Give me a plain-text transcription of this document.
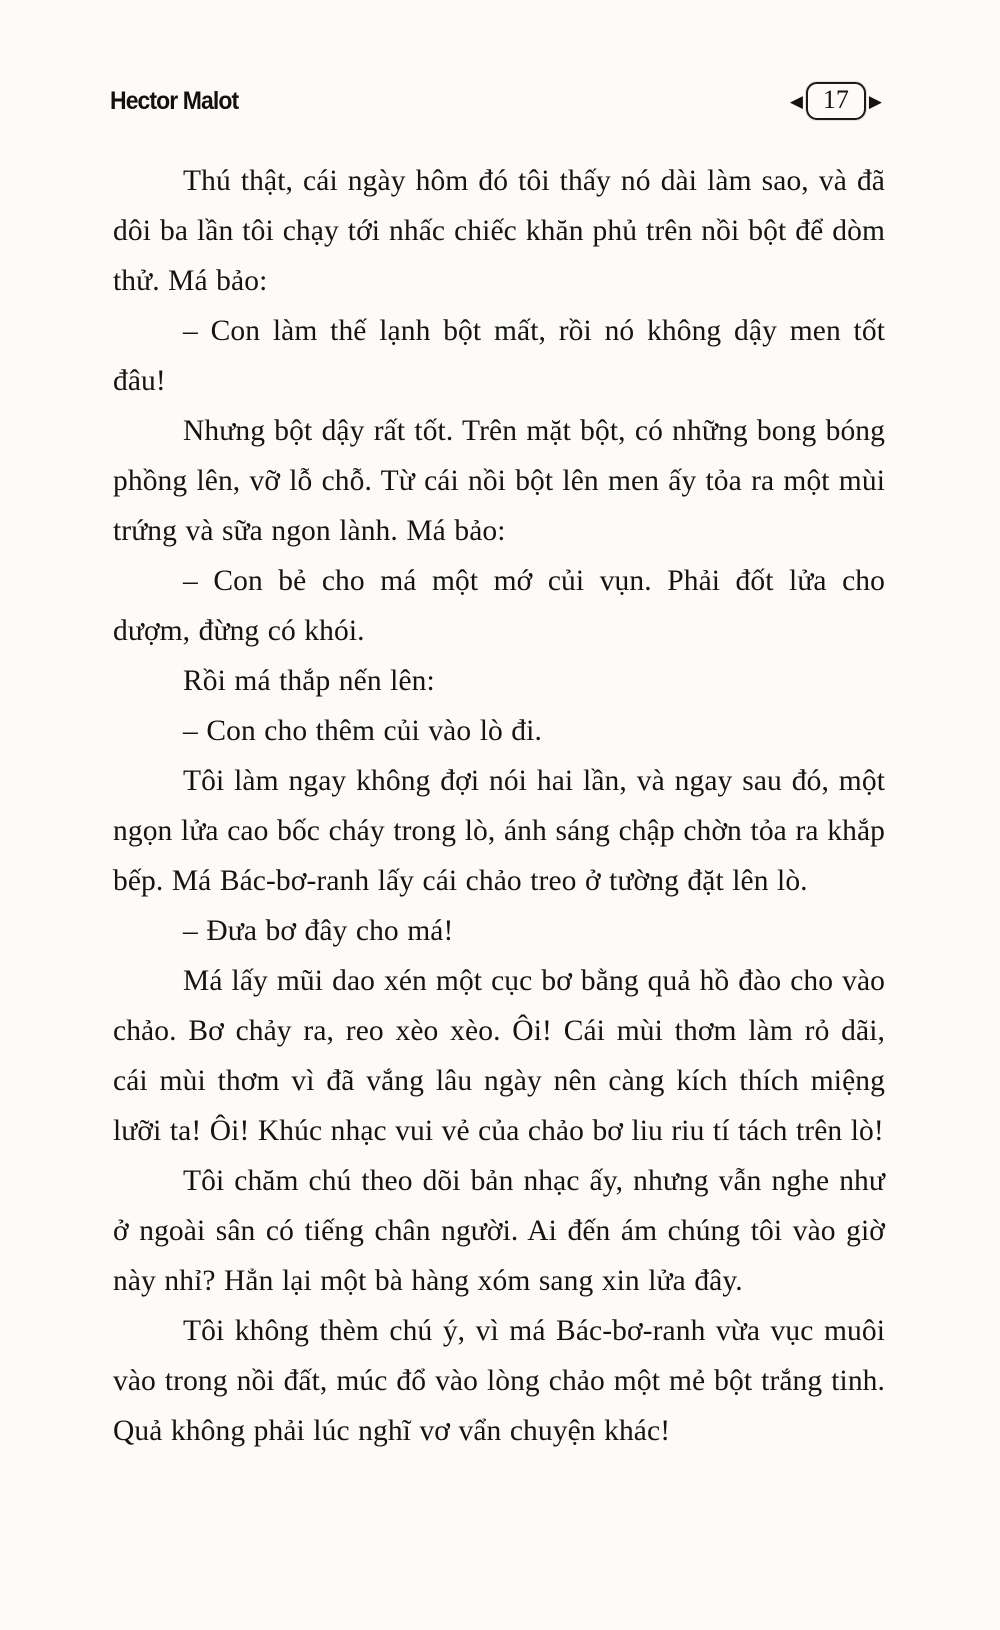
Hector Malot	◀ 17	▶

Thú thật, cái ngày hôm đó tôi thấy nó dài làm sao, và đã dôi ba lần tôi chạy tới nhấc chiếc khăn phủ trên nồi bột để dòm thử. Má bảo:

– Con làm thế lạnh bột mất, rồi nó không dậy men tốt đâu!

Nhưng bột dậy rất tốt. Trên mặt bột, có những bong bóng phồng lên, vỡ lỗ chỗ. Từ cái nồi bột lên men ấy tỏa ra một mùi trứng và sữa ngon lành. Má bảo:

– Con bẻ cho má một mớ củi vụn. Phải đốt lửa cho dượm, đừng có khói.

Rồi má thắp nến lên:

– Con cho thêm củi vào lò đi.

Tôi làm ngay không đợi nói hai lần, và ngay sau đó, một ngọn lửa cao bốc cháy trong lò, ánh sáng chập chờn tỏa ra khắp bếp. Má Bác-bơ-ranh lấy cái chảo treo ở tường đặt lên lò.

– Đưa bơ đây cho má!

Má lấy mũi dao xén một cục bơ bằng quả hồ đào cho vào chảo. Bơ chảy ra, reo xèo xèo. Ôi! Cái mùi thơm làm rỏ dãi, cái mùi thơm vì đã vắng lâu ngày nên càng kích thích miệng lưỡi ta! Ôi! Khúc nhạc vui vẻ của chảo bơ liu riu tí tách trên lò!

Tôi chăm chú theo dõi bản nhạc ấy, nhưng vẫn nghe như ở ngoài sân có tiếng chân người. Ai đến ám chúng tôi vào giờ này nhỉ? Hẳn lại một bà hàng xóm sang xin lửa đây.

Tôi không thèm chú ý, vì má Bác-bơ-ranh vừa vục muôi vào trong nồi đất, múc đổ vào lòng chảo một mẻ bột trắng tinh. Quả không phải lúc nghĩ vơ vẩn chuyện khác!
